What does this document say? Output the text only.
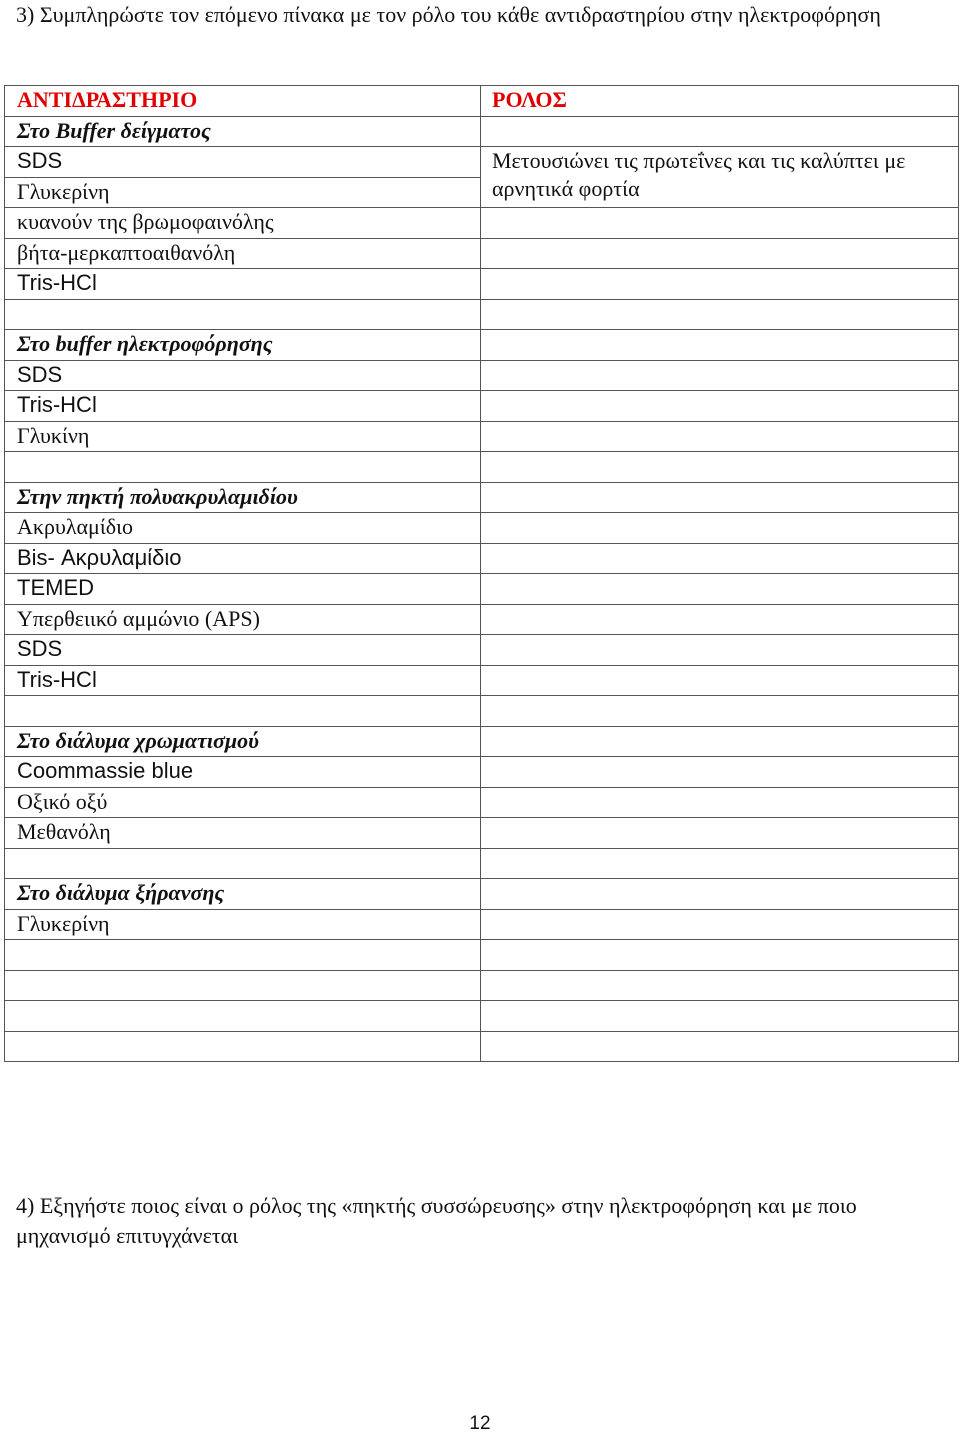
3) Συμπληρώστε τον επόμενο πίνακα με τον ρόλο του κάθε αντιδραστηρίου στην ηλεκτροφόρηση

ΑΝΤΙΔΡΑΣΤΗΡΙΟ	ΡΟΛΟΣ
Στο Buffer δείγματος	
SDS	Μετουσιώνει τις πρωτεΐνες και τις καλύπτει με αρνητικά φορτία
Γλυκερίνη	
κυανούν της βρωμοφαινόλης	
βήτα-μερκαπτοαιθανόλη	
Tris-HCl	

Στο buffer ηλεκτροφόρησης	
SDS	
Tris-HCl	
Γλυκίνη	

Στην πηκτή πολυακρυλαμιδίου	
Ακρυλαμίδιο	
Bis- Ακρυλαμίδιο	
TEMED	
Υπερθειικό αμμώνιο (APS)	
SDS	
Tris-HCl	

Στο διάλυμα χρωματισμού	
Coommassie blue	
Οξικό οξύ	
Μεθανόλη	

Στο διάλυμα ξήρανσης	
Γλυκερίνη	

4) Εξηγήστε ποιος είναι ο ρόλος της «πηκτής συσσώρευσης» στην ηλεκτροφόρηση και με ποιο μηχανισμό επιτυγχάνεται

12
